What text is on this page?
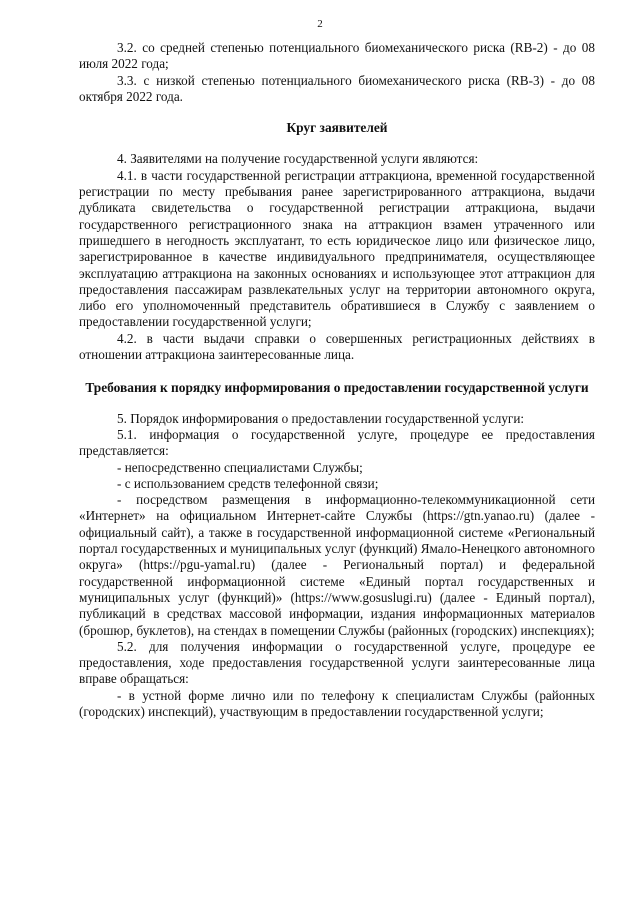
2

3.2. со средней степенью потенциального биомеханического риска (RB-2) - до 08 июля 2022 года;

3.3. с низкой степенью потенциального биомеханического риска (RB-3) - до 08 октября 2022 года.

Круг заявителей

4. Заявителями на получение государственной услуги являются:

4.1. в части государственной регистрации аттракциона, временной государственной регистрации по месту пребывания ранее зарегистрированного аттракциона, выдачи дубликата свидетельства о государственной регистрации аттракциона, выдачи государственного регистрационного знака на аттракцион взамен утраченного или пришедшего в негодность эксплуатант, то есть юридическое лицо или физическое лицо, зарегистрированное в качестве индивидуального предпринимателя, осуществляющее эксплуатацию аттракциона на законных основаниях и использующее этот аттракцион для предоставления пассажирам развлекательных услуг на территории автономного округа, либо его уполномоченный представитель обратившиеся в Службу с заявлением о предоставлении государственной услуги;

4.2. в части выдачи справки о совершенных регистрационных действиях в отношении аттракциона заинтересованные лица.

Требования к порядку информирования о предоставлении государственной услуги

5. Порядок информирования о предоставлении государственной услуги:

5.1. информация о государственной услуге, процедуре ее предоставления представляется:

- непосредственно специалистами Службы;

- с использованием средств телефонной связи;

- посредством размещения в информационно-телекоммуникационной сети «Интернет» на официальном Интернет-сайте Службы (https://gtn.yanao.ru) (далее - официальный сайт), а также в государственной информационной системе «Региональный портал государственных и муниципальных услуг (функций) Ямало-Ненецкого автономного округа» (https://pgu-yamal.ru) (далее - Региональный портал) и федеральной государственной информационной системе «Единый портал государственных и муниципальных услуг (функций)» (https://www.gosuslugi.ru) (далее - Единый портал), публикаций в средствах массовой информации, издания информационных материалов (брошюр, буклетов), на стендах в помещении Службы (районных (городских) инспекциях);

5.2. для получения информации о государственной услуге, процедуре ее предоставления, ходе предоставления государственной услуги заинтересованные лица вправе обращаться:

- в устной форме лично или по телефону к специалистам Службы (районных (городских) инспекций), участвующим в предоставлении государственной услуги;
